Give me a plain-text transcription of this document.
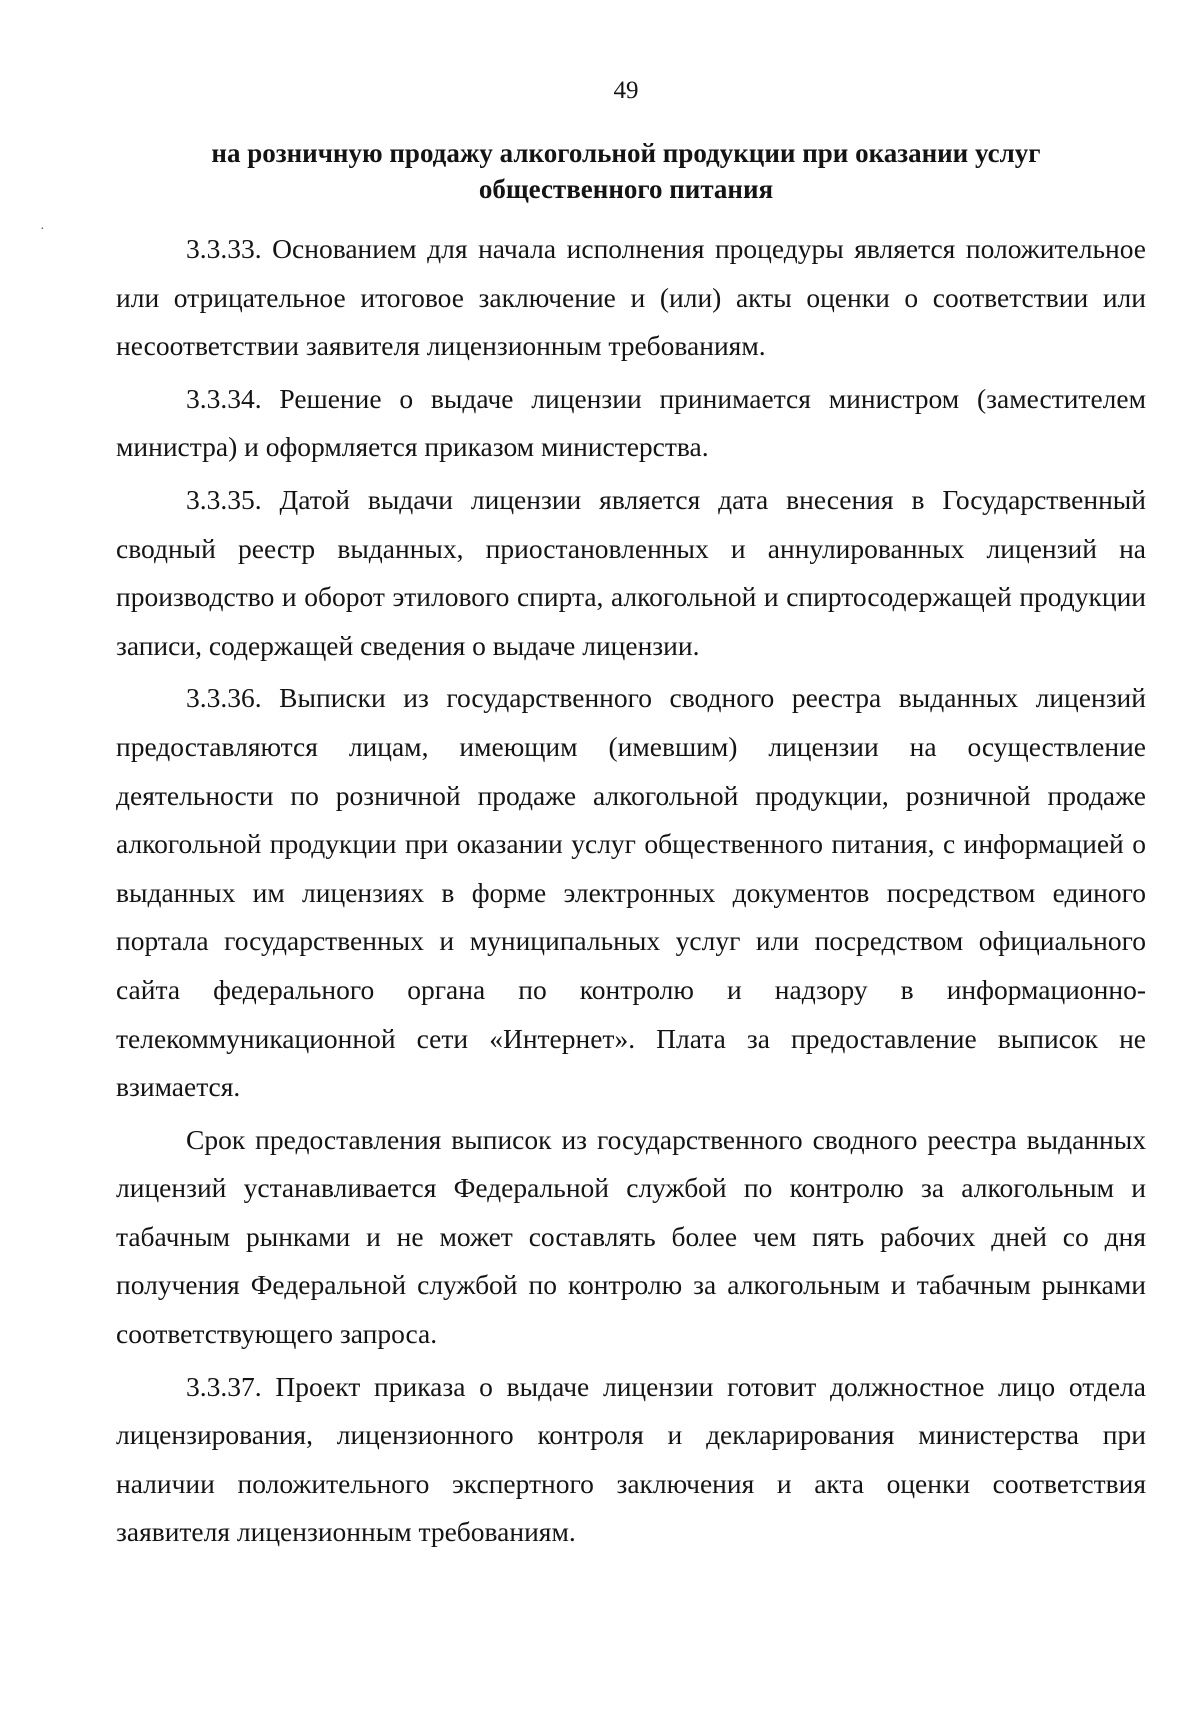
49
на розничную продажу алкогольной продукции при оказании услуг общественного питания
·

3.3.33. Основанием для начала исполнения процедуры является положительное или отрицательное итоговое заключение и (или) акты оценки о соответствии или несоответствии заявителя лицензионным требованиям.

3.3.34. Решение о выдаче лицензии принимается министром (заместителем министра) и оформляется приказом министерства.

3.3.35. Датой выдачи лицензии является дата внесения в Государственный сводный реестр выданных, приостановленных и аннулированных лицензий на производство и оборот этилового спирта, алкогольной и спиртосодержащей продукции записи, содержащей сведения о выдаче лицензии.

3.3.36. Выписки из государственного сводного реестра выданных лицензий предоставляются лицам, имеющим (имевшим) лицензии на осуществление деятельности по розничной продаже алкогольной продукции, розничной продаже алкогольной продукции при оказании услуг общественного питания, с информацией о выданных им лицензиях в форме электронных документов посредством единого портала государственных и муниципальных услуг или посредством официального сайта федерального органа по контролю и надзору в информационно-телекоммуникационной сети «Интернет». Плата за предоставление выписок не взимается.

Срок предоставления выписок из государственного сводного реестра выданных лицензий устанавливается Федеральной службой по контролю за алкогольным и табачным рынками и не может составлять более чем пять рабочих дней со дня получения Федеральной службой по контролю за алкогольным и табачным рынками соответствующего запроса.

3.3.37. Проект приказа о выдаче лицензии готовит должностное лицо отдела лицензирования, лицензионного контроля и декларирования министерства при наличии положительного экспертного заключения и акта оценки соответствия заявителя лицензионным требованиям.
